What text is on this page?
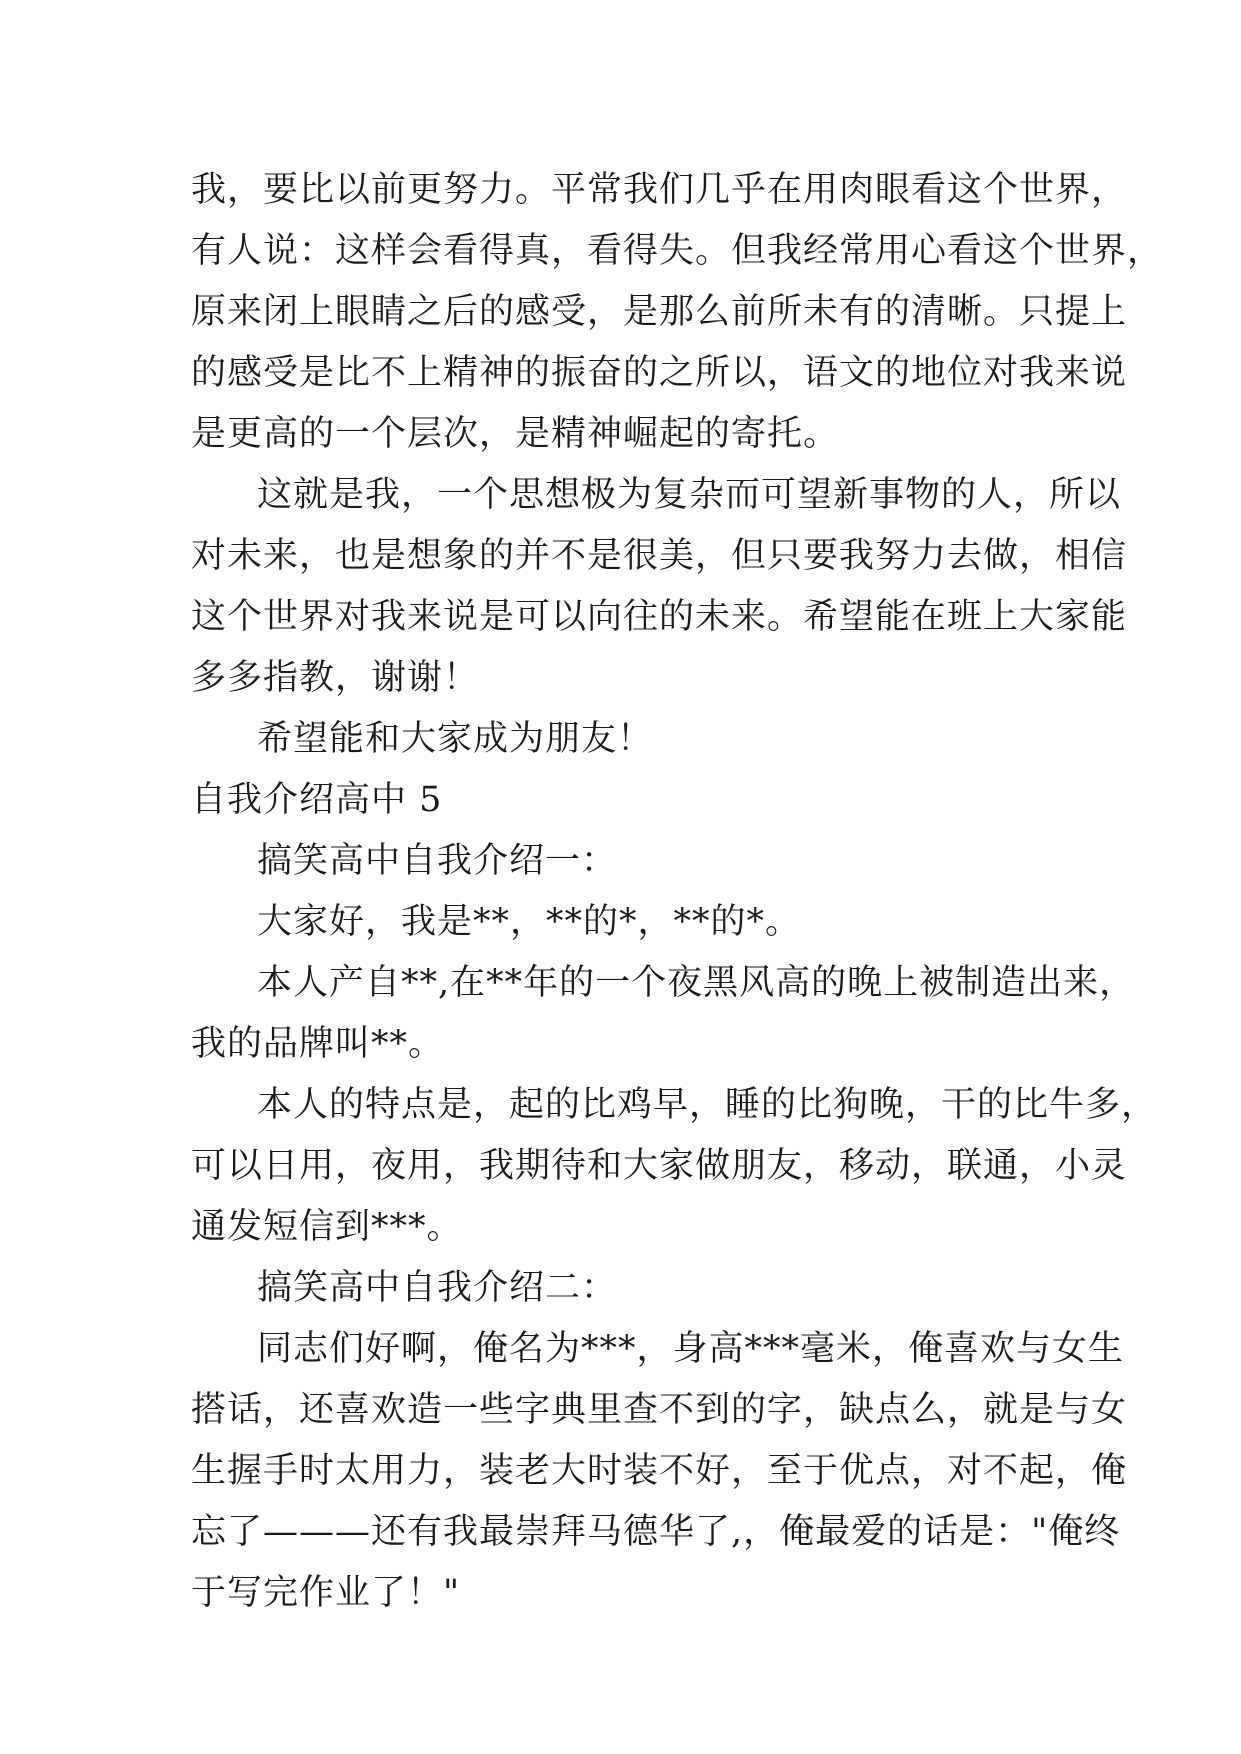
我，要比以前更努力。平常我们几乎在用肉眼看这个世界，
有人说：这样会看得真，看得失。但我经常用心看这个世界，
原来闭上眼睛之后的感受，是那么前所未有的清晰。只提上
的感受是比不上精神的振奋的之所以，语文的地位对我来说
是更高的一个层次，是精神崛起的寄托。
这就是我，一个思想极为复杂而可望新事物的人，所以
对未来，也是想象的并不是很美，但只要我努力去做，相信
这个世界对我来说是可以向往的未来。希望能在班上大家能
多多指教，谢谢！
希望能和大家成为朋友！
自我介绍高中 5
搞笑高中自我介绍一：
大家好，我是**，**的*，**的*。
本人产自**,在**年的一个夜黑风高的晚上被制造出来，
我的品牌叫**。
本人的特点是，起的比鸡早，睡的比狗晚，干的比牛多，
可以日用，夜用，我期待和大家做朋友，移动，联通，小灵
通发短信到***。
搞笑高中自我介绍二：
同志们好啊，俺名为***，身高***毫米，俺喜欢与女生
搭话，还喜欢造一些字典里查不到的字，缺点么，就是与女
生握手时太用力，装老大时装不好，至于优点，对不起，俺
忘了———还有我最崇拜马德华了,，俺最爱的话是："俺终
于写完作业了！"
